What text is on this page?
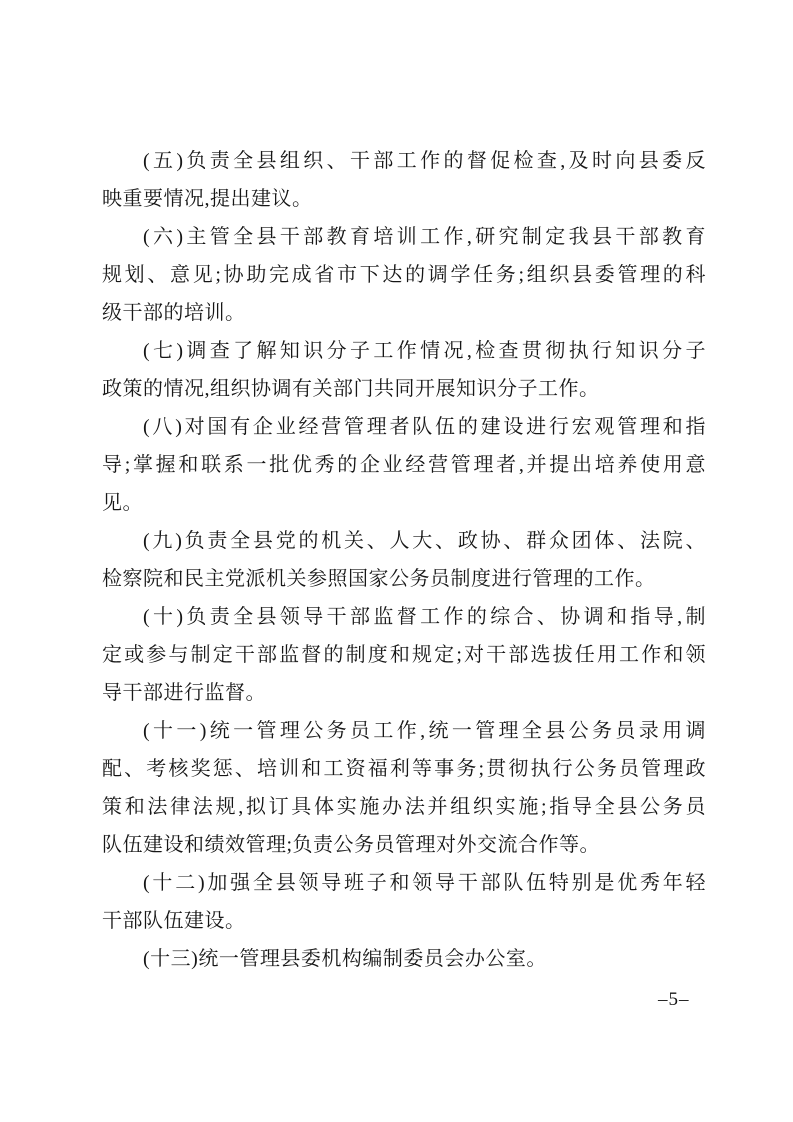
(五)负责全县组织、干部工作的督促检查,及时向县委反
映重要情况,提出建议。
(六)主管全县干部教育培训工作,研究制定我县干部教育
规划、意见;协助完成省市下达的调学任务;组织县委管理的科
级干部的培训。
(七)调查了解知识分子工作情况,检查贯彻执行知识分子
政策的情况,组织协调有关部门共同开展知识分子工作。
(八)对国有企业经营管理者队伍的建设进行宏观管理和指
导;掌握和联系一批优秀的企业经营管理者,并提出培养使用意
见。
(九)负责全县党的机关、人大、政协、群众团体、法院、
检察院和民主党派机关参照国家公务员制度进行管理的工作。
(十)负责全县领导干部监督工作的综合、协调和指导,制
定或参与制定干部监督的制度和规定;对干部选拔任用工作和领
导干部进行监督。
(十一)统一管理公务员工作,统一管理全县公务员录用调
配、考核奖惩、培训和工资福利等事务;贯彻执行公务员管理政
策和法律法规,拟订具体实施办法并组织实施;指导全县公务员
队伍建设和绩效管理;负责公务员管理对外交流合作等。
(十二)加强全县领导班子和领导干部队伍特别是优秀年轻
干部队伍建设。
(十三)统一管理县委机构编制委员会办公室。
–5–
